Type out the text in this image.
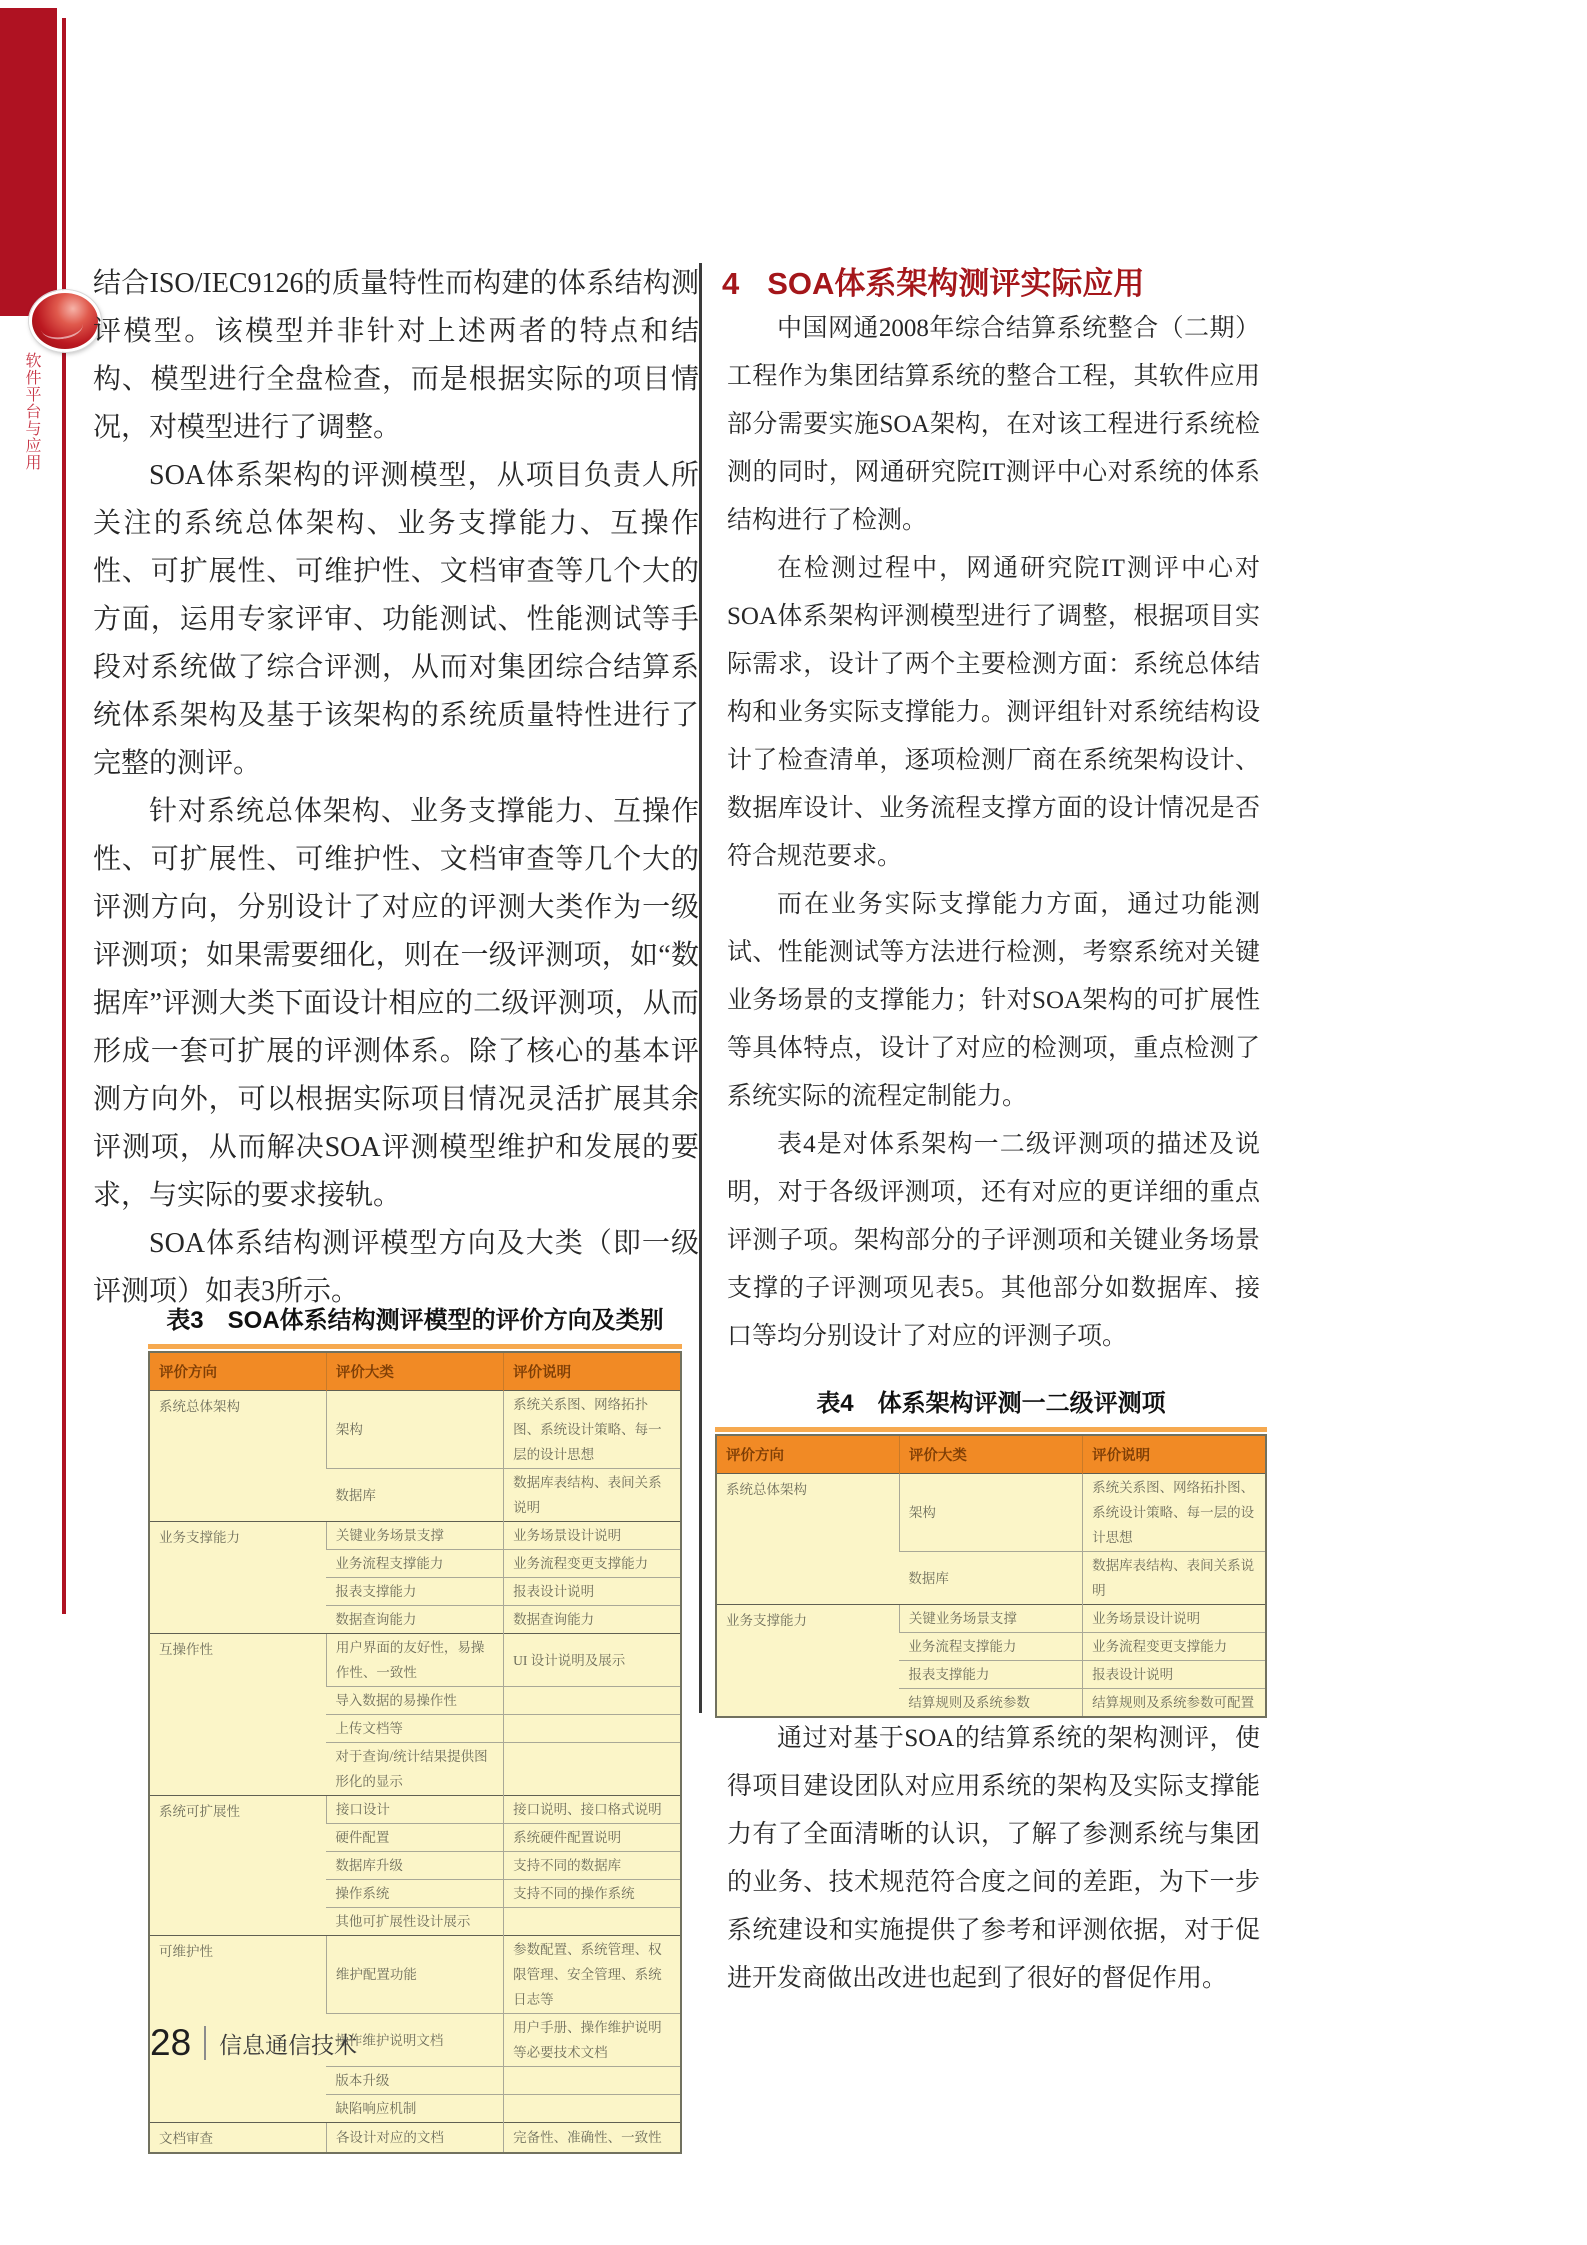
软件平台与应用

结合ISO/IEC9126的质量特性而构建的体系结构测评模型。该模型并非针对上述两者的特点和结构、模型进行全盘检查，而是根据实际的项目情况，对模型进行了调整。

SOA体系架构的评测模型，从项目负责人所关注的系统总体架构、业务支撑能力、互操作性、可扩展性、可维护性、文档审查等几个大的方面，运用专家评审、功能测试、性能测试等手段对系统做了综合评测，从而对集团综合结算系统体系架构及基于该架构的系统质量特性进行了完整的测评。

针对系统总体架构、业务支撑能力、互操作性、可扩展性、可维护性、文档审查等几个大的评测方向，分别设计了对应的评测大类作为一级评测项；如果需要细化，则在一级评测项，如“数据库”评测大类下面设计相应的二级评测项，从而形成一套可扩展的评测体系。除了核心的基本评测方向外，可以根据实际项目情况灵活扩展其余评测项，从而解决SOA评测模型维护和发展的要求，与实际的要求接轨。

SOA体系结构测评模型方向及大类（即一级评测项）如表3所示。

表3　SOA体系结构测评模型的评价方向及类别
评价方向	评价大类	评价说明
系统总体架构	架构	系统关系图、网络拓扑图、系统设计策略、每一层的设计思想
	数据库	数据库表结构、表间关系说明
业务支撑能力	关键业务场景支撑	业务场景设计说明
	业务流程支撑能力	业务流程变更支撑能力
	报表支撑能力	报表设计说明
	数据查询能力	数据查询能力
互操作性	用户界面的友好性，易操作性、一致性	UI 设计说明及展示
	导入数据的易操作性	
	上传文档等	
	对于查询/统计结果提供图形化的显示	
系统可扩展性	接口设计	接口说明、接口格式说明
	硬件配置	系统硬件配置说明
	数据库升级	支持不同的数据库
	操作系统	支持不同的操作系统
	其他可扩展性设计展示	
可维护性	维护配置功能	参数配置、系统管理、权限管理、安全管理、系统日志等
	操作维护说明文档	用户手册、操作维护说明等必要技术文档
	版本升级	
	缺陷响应机制	
文档审查	各设计对应的文档	完备性、准确性、一致性
4 SOA体系架构测评实际应用

中国网通2008年综合结算系统整合（二期）工程作为集团结算系统的整合工程，其软件应用部分需要实施SOA架构，在对该工程进行系统检测的同时，网通研究院IT测评中心对系统的体系结构进行了检测。

在检测过程中，网通研究院IT测评中心对SOA体系架构评测模型进行了调整，根据项目实际需求，设计了两个主要检测方面：系统总体结构和业务实际支撑能力。测评组针对系统结构设计了检查清单，逐项检测厂商在系统架构设计、数据库设计、业务流程支撑方面的设计情况是否符合规范要求。

而在业务实际支撑能力方面，通过功能测试、性能测试等方法进行检测，考察系统对关键业务场景的支撑能力；针对SOA架构的可扩展性等具体特点，设计了对应的检测项，重点检测了系统实际的流程定制能力。

表4是对体系架构一二级评测项的描述及说明，对于各级评测项，还有对应的更详细的重点评测子项。架构部分的子评测项和关键业务场景支撑的子评测项见表5。其他部分如数据库、接口等均分别设计了对应的评测子项。

表4　体系架构评测一二级评测项
评价方向	评价大类	评价说明
系统总体架构	架构	系统关系图、网络拓扑图、系统设计策略、每一层的设计思想
	数据库	数据库表结构、表间关系说明
业务支撑能力	关键业务场景支撑	业务场景设计说明
	业务流程支撑能力	业务流程变更支撑能力
	报表支撑能力	报表设计说明
	结算规则及系统参数	结算规则及系统参数可配置

通过对基于SOA的结算系统的架构测评，使得项目建设团队对应用系统的架构及实际支撑能力有了全面清晰的认识，了解了参测系统与集团的业务、技术规范符合度之间的差距，为下一步系统建设和实施提供了参考和评测依据，对于促进开发商做出改进也起到了很好的督促作用。

28 信息通信技术
